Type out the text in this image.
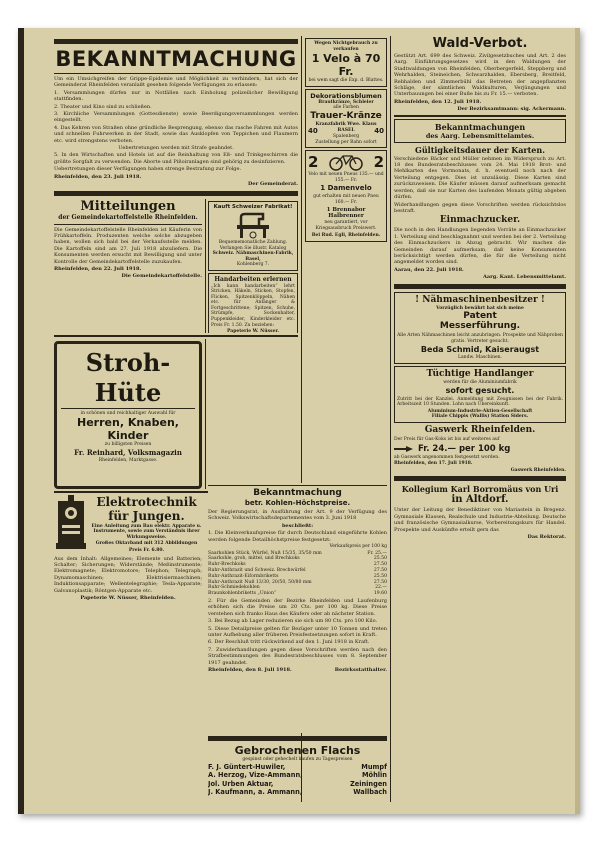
BEKANNTMACHUNG

Um ein Umsichgreifen der Grippe-Epidemie und Möglichkeit zu verhindern, hat sich der Gemeinderat Rheinfelden veranlaßt gesehen folgende Verfügungen zu erlassen:

1. Versammlungen dürfen nur in Notfällen nach Einholung polizeilicher Bewilligung stattfinden.

2. Theater und Kino sind zu schließen.

3. Kirchliche Versammlungen (Gottesdienste) sowie Beerdigungsversammlungen werden eingestellt.

4. Das Kehren von Straßen ohne gründliche Besprengung, ebenso das rasche Fahren mit Autos und schnellen Fuhrwerken in der Stadt, sowie das Ausklopfen von Teppichen und Flaumern etc. wird strengstens verboten.

Uebertretungen werden mit Strafe geahndet.

5. In den Wirtschaften und Hotels ist auf die Reinhaltung von Eß- und Trinkgeschirren die größte Sorgfalt zu verwenden. Die Aborte und Pißoiranlagen sind gehörig zu desinfizieren.

Uebertretungen dieser Verfügungen haben strenge Bestrafung zur Folge.

Rheinfelden, den 23. Juli 1918.

Der Gemeinderat.

Mitteilungen
der Gemeindekartoffelstelle Rheinfelden.

Die Gemeindekartoffelstelle Rheinfelden ist Käuferin von Frühkartoffeln. Produzenten welche solche abzugeben haben, wollen sich bald bei der Verkaufsstelle melden. Die Kartoffeln sind am 27. Juli 1918 abzuliefern. Die Konsumenten werden ersucht mit Bewilligung und unter Kontrolle der Gemeindekartoffelstelle zuzukaufen.

Rheinfelden, den 22. Juli 1918.

Die Gemeindekartoffelstelle.

Kauft Schweizer Fabrikat!
Bequememonatliche Zahlung. Verlangen Sie illustr. Katalog
Schweiz. Nähmaschinen-Fabrik, Basel,
Kohlenberg 7.
Handarbeiten erlernen

„Ich kann handarbeiten“ lehrt Stricken, Häkeln, Sticken, Stopfen, Flicken, Spitzenklöppeln, Nähen etc. für Anfänger & Fortgeschrittene; Spitzen, Schuhe, Strümpfe, Sockenhalter, Puppenkleider, Kinderkleider etc. Preis Fr. 1.50. Zu beziehen:

Papeterie W. Nüsser.

Stroh-Hüte
in schönen und reichhaltiger Auswahl für
Herren, Knaben,
Kinder
zu billigsten Preisen
Fr. Reinhard, Volksmagazin
Rheinfelden, Marktgasse.
Elektrotechnik für Jungen.

Eine Anleitung zum Bau elektr. Apparate u. Instrumente, sowie zum Verständnis ihrer Wirkungsweise.

Großes Oktavband mit 312 Abbildungen

Preis Fr. 6.80.

Aus dem Inhalt: Allgemeines; Elemente und Batterien; Schalter; Sicherungen; Widerstände; Meßinstrumente; Elektromagnete; Elektromotore; Telephon; Telegraph; Dynamomaschinen; Elektrisiermaschinen; Induktionsapparate; Wellentelegraphie; Tesla-Apparate; Galvanoplastik; Röntgen-Apparate etc.

Papeterie W. Nüsser, Rheinfelden.

Wegen Nichtgebrauch zu verkaufen
1 Velo à 70 Fr.
bei wem sagt die Exp. d. Blattes.
Dekorationsblumen
Brautkränze, Schleier
alle Farben
Trauer-Kränze
Kranzfabrik Wwe. Klaus
40	BASEL	40
Spalenberg
Zustellung per Bahn sofort
2	2

Velo mit neuen Pneus 135.— und 155.— Fr.

1 Damenvelo

gut erhalten mit neuen Pneu 160.— Fr.

1 Brennabor Halbrenner

neu garantiert, vor Kriegsausbruch Preiswert.

Bei Rud. Egli, Rheinfelden.

Bekanntmachung
betr. Kohlen-Höchstpreise.

Der Regierungsrat, in Ausführung der Art. 9 der Verfügung des Schweiz. Volkswirtschaftsdepartementes vom 3. Juni 1918

beschließt:

1. Die Kleinverkaufspreise für durch Deutschland eingeführte Kohlen werden folgende Detailhöchstpreise festgesetzt:

Verkaufspreis per 100 kg

Saarkohlen Stück, Würfel, Nuß 15/35, 35/50 mm	Fr. 25.—
Saarkohle, grob, mittel, und Brechkoks	25.50
Ruhr-Brechkoks	27.50
Ruhr-Anthrazit und Schweiz. Brechwürfel	27.50
Ruhr-Anthrazit-Eiformbriketts	25.50
Ruhr-Anthrazit Nuß 13/30, 20/50, 50/80 mm	27.50
Ruhr-Schmiedekohlen	22.—
Braunkohlenbriketts „Union“	19.60

2. Für die Gemeinden der Bezirke Rheinfelden und Laufenburg erhöhen sich die Preise um 20 Cts. per 100 kg. Diese Preise verstehen sich franko Haus des Käufers oder ab nächster Station.

3. Bei Bezug ab Lager reduzieren sie sich um 80 Cts. pro 100 Kilo.

5. Diese Detailpreise gelten für Bezüger unter 10 Tonnen und treten unter Aufhebung aller früheren Preisfestsetzungen sofort in Kraft.

6. Der Beschluß tritt rückwirkend auf den 1. Juni 1918 in Kraft.

7. Zuwiderhandlungen gegen diese Vorschriften werden nach den Strafbestimmungen des Bundesratsbeschlusses vom 8. September 1917 geahndet.

Rheinfelden, den 8. Juli 1918.	Bezirksstatthalter.
Gebrochenen Flachs
gespinst oder gehechelt kaufen zu Tagespreisen
F. J. Güntert-Huwiler,	Mumpf
A. Herzog, Vize-Ammann,	Möhlin
Jol. Urben Aktuar,	Zeiningen
J. Kaufmann, a. Ammann,	Wallbach
Wald-Verbot.

Gestützt Art. 699 des Schweiz. Zivilgesetzbuches und Art. 2 des Aarg. Einführungsgesetzes wird in den Waldungen der Stadtwaldungen von Rheinfelden, Oberbergerfeld, Steppberg und Wehrhalden, Steineichen, Schwarzhalden, Ebersberg, Breitfeld, Rebhalden und Zimmerbühl das Betreten der angepflanzten Schläge, der sämtlichen Waldkulturen, Verjüngungen und Unterbauungen bei einer Buße bis zu Fr. 15.— verboten.

Rheinfelden, den 12. Juli 1918.

Der Bezirksamtmann: sig. Ackermann.

Bekanntmachungen
des Aarg. Lebensmittelamtes.
Gültigkeitsdauer der Karten.

Verschiedene Bäcker und Müller nehmen im Widerspruch zu Art. 18 des Bundesratsbeschlusses vom 24. Mai 1918 Brot- und Mehlkarten des Vormonats, d. h. eventuell noch nach der Verteilung entgegen. Dies ist unzulässig. Diese Karten sind zurückzuweisen. Die Käufer müssen darauf aufmerksam gemacht werden, daß sie nur Karten des laufenden Monats gültig abgeben dürfen.

Widerhandlungen gegen diese Vorschriften werden rücksichtslos bestraft.

Einmachzucker.

Die noch in den Handlungen liegenden Vorräte an Einmachzucker 1. Verteilung sind beschlagnahmt und werden bei der 2. Verteilung des Einmachzuckers in Abzug gebracht. Wir machen die Gemeinden darauf aufmerksam, daß keine Konsumenten berücksichtigt werden dürfen, die für die Verteilung nicht angemeldet worden sind.

Aarau, den 22. Juli 1918.

Aarg. Kant. Lebensmittelamt.

! Nähmaschinenbesitzer !
Vorzüglich bewährt hat sich meine
Patent
Messerführung.

Alle Arten Nähmaschinen leicht anzubringen. Prospekte und Nähproben gratis. Vertreter gesucht.

Beda Schmid, Kaiseraugst
Landw. Maschinen.
Tüchtige Handlanger
werden für die Aluminiumfabrik
sofort gesucht.

Zutritt bei der Kanzlei. Anmeldung mit Zeugnissen bei der Fabrik. Arbeitszeit 10 Stunden. Lohn nach Übereinkunft.

Aluminium-Industrie-Aktien-Gesellschaft
Filiale Chippis (Wallis) Station Siders.
Gaswerk Rheinfelden.

Der Preis für Gas-Koks ist bis auf weiteres auf

Fr. 24.— per 100 kg

ab Gaswerk angenommen festgesetzt worden.

Rheinfelden, den 17. Juli 1918.

Gaswerk Rheinfelden.

Kollegium Karl Borromäus von Uri
in Altdorf.

Unter der Leitung der Benediktiner von Mariastein in Bregenz. Gymnasiale Klassen, Realschule und Industrie-Abteilung. Deutsche und französische Gymnasialkurse, Vorbereitungskurs für Handel. Prospekte und Auskünfte erteilt gern das

Das Rektorat.
